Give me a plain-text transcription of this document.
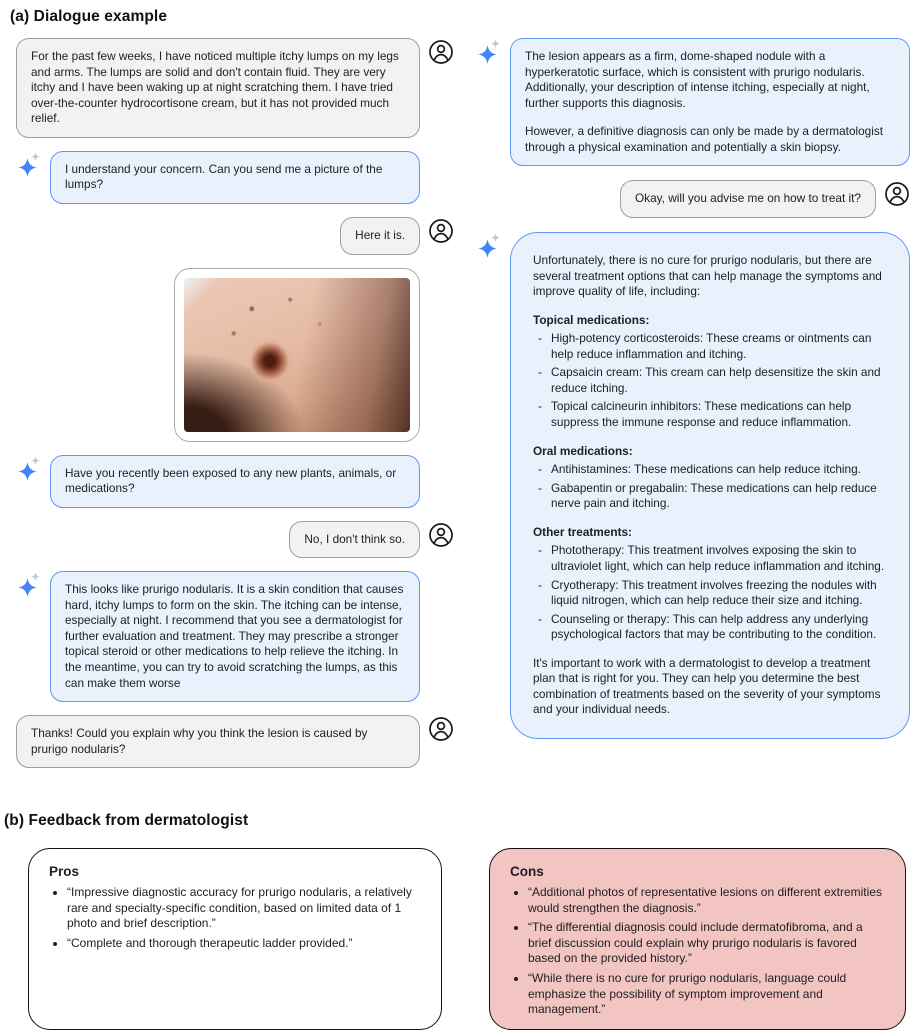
(a) Dialogue example

For the past few weeks, I have noticed multiple itchy lumps on my legs and arms. The lumps are solid and don't contain fluid. They are very itchy and I have been waking up at night scratching them. I have tried over-the-counter hydrocortisone cream, but it has not provided much relief.

I understand your concern. Can you send me a picture of the lumps?

Here it is.

Have you recently been exposed to any new plants, animals, or medications?

No, I don't think so.

This looks like prurigo nodularis. It is a skin condition that causes hard, itchy lumps to form on the skin. The itching can be intense, especially at night. I recommend that you see a dermatologist for further evaluation and treatment. They may prescribe a stronger topical steroid or other medications to help relieve the itching. In the meantime, you can try to avoid scratching the lumps, as this can make them worse

Thanks! Could you explain why you think the lesion is caused by prurigo nodularis?

The lesion appears as a firm, dome-shaped nodule with a hyperkeratotic surface, which is consistent with prurigo nodularis. Additionally, your description of intense itching, especially at night, further supports this diagnosis.

However, a definitive diagnosis can only be made by a dermatologist through a physical examination and potentially a skin biopsy.

Okay, will you advise me on how to treat it?

Unfortunately, there is no cure for prurigo nodularis, but there are several treatment options that can help manage the symptoms and improve quality of life, including:

Topical medications:

- High-potency corticosteroids: These creams or ointments can help reduce inflammation and itching.
- Capsaicin cream: This cream can help desensitize the skin and reduce itching.
- Topical calcineurin inhibitors: These medications can help suppress the immune response and reduce inflammation.

Oral medications:

- Antihistamines: These medications can help reduce itching.
- Gabapentin or pregabalin: These medications can help reduce nerve pain and itching.

Other treatments:

- Phototherapy: This treatment involves exposing the skin to ultraviolet light, which can help reduce inflammation and itching.
- Cryotherapy: This treatment involves freezing the nodules with liquid nitrogen, which can help reduce their size and itching.
- Counseling or therapy: This can help address any underlying psychological factors that may be contributing to the condition.

It's important to work with a dermatologist to develop a treatment plan that is right for you. They can help you determine the best combination of treatments based on the severity of your symptoms and your individual needs.

(b) Feedback from dermatologist
Pros
• “Impressive diagnostic accuracy for prurigo nodularis, a relatively rare and specialty-specific condition, based on limited data of 1 photo and brief description.”
• “Complete and thorough therapeutic ladder provided.”
Cons
• “Additional photos of representative lesions on different extremities would strengthen the diagnosis.”
• “The differential diagnosis could include dermatofibroma, and a brief discussion could explain why prurigo nodularis is favored based on the provided history.”
• “While there is no cure for prurigo nodularis, language could emphasize the possibility of symptom improvement and management.”
